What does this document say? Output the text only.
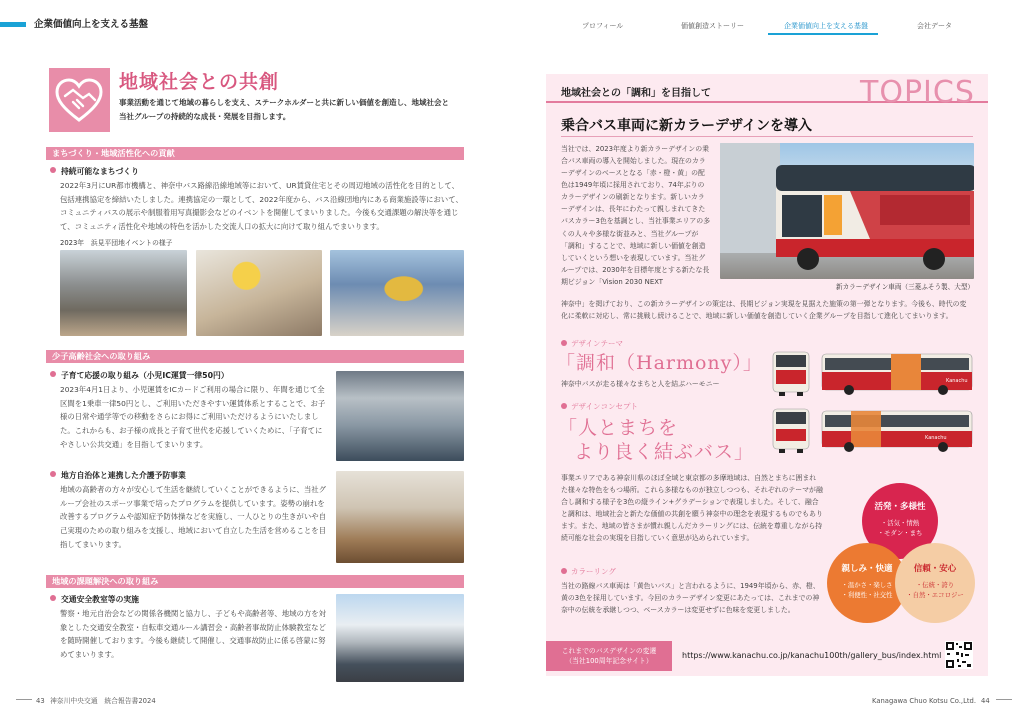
企業価値向上を支える基盤	プロフィール	価値創造ストーリー	企業価値向上を支える基盤	会社データ
地域社会との共創
事業活動を通じて地域の暮らしを支え、ステークホルダーと共に新しい価値を創造し、地域社会と当社グループの持続的な成長・発展を目指します。
まちづくり・地域活性化への貢献
持続可能なまちづくり
2022年3月にUR都市機構と、神奈中バス路線沿線地域等において、UR賃貸住宅とその周辺地域の活性化を目的として、包括連携協定を締結いたしました。連携協定の一環として、2022年度から、バス沿線団地内にある商業施設等において、コミュニティバスの展示や制服着用写真撮影会などのイベントを開催してまいりました。今後も交通課題の解決等を通じて、コミュニティ活性化や地域の特色を活かした交流人口の拡大に向けて取り組んでまいります。
2023年　浜見平団地イベントの様子
少子高齢社会への取り組み
子育て応援の取り組み（小児IC運賃一律50円）
2023年4月1日より、小児運賃をICカードご利用の場合に限り、年間を通じて全区間を1乗車一律50円とし、ご利用いただきやすい運賃体系とすることで、お子様の日常や通学等での移動をさらにお得にご利用いただけるようにいたしました。これからも、お子様の成長と子育て世代を応援していくために、「子育てにやさしい公共交通」を目指してまいります。
地方自治体と連携した介護予防事業
地域の高齢者の方々が安心して生活を継続していくことができるように、当社グループ会社のスポーツ事業で培ったプログラムを提供しています。姿勢の崩れを改善するプログラムや認知症予防体操などを実施し、一人ひとりの生きがいや自己実現のための取り組みを支援し、地域において自立した生活を営めることを目指してまいります。
地域の課題解決への取り組み
交通安全教室等の実施
警察・地元自治会などの関係各機関と協力し、子どもや高齢者等、地域の方を対象とした交通安全教室・自転車交通ルール講習会・高齢者事故防止体験教室などを随時開催しております。今後も継続して開催し、交通事故防止に係る啓蒙に努めてまいります。
TOPICS
地域社会との「調和」を目指して
乗合バス車両に新カラーデザインを導入
当社では、2023年度より新カラーデザインの乗合バス車両の導入を開始しました。現在のカラーデザインのベースとなる「赤・橙・黄」の配色は1949年頃に採用されており、74年ぶりのカラーデザインの刷新となります。新しいカラーデザインは、長年にわたって親しまれてきたバスカラー3色を基調とし、当社事業エリアの多くの人々や多様な街並みと、当社グループが「調和」することで、地域に新しい価値を創造していくという想いを表現しています。当社グループでは、2030年を目標年度とする新たな長期ビジョン「Vision 2030 NEXT
神奈中」を掲げており、この新カラーデザインの策定は、長期ビジョン実現を見据えた施策の第一弾となります。今後も、時代の変化に柔軟に対応し、常に挑戦し続けることで、地域に新しい価値を創造していく企業グループを目指して進化してまいります。
新カラーデザイン車両（三菱ふそう製、大型）
デザインテーマ
「調和（Harmony）」
神奈中バスが走る様々なまちと人を結ぶハーモニー
デザインコンセプト
「人とまちを
より良く結ぶバス」
Kanachu
Kanachu
事業エリアである神奈川県のほぼ全域と東京都の多摩地域は、自然とまちに囲まれた様々な特色をもつ場所。これら多様なものが独立しつつも、それぞれのテーマが融合し調和する様子を3色の縦ライン+グラデーションで表現しました。そして、融合と調和は、地域社会と新たな価値の共創を願う神奈中の理念を表現するものでもあります。また、地域の皆さまが慣れ親しんだカラーリングには、伝統を尊重しながら持続可能な社会の実現を目指していく意思が込められています。
活発・多様性
・活気・情熱
・モダン・まち
親しみ・快適
・温かさ・楽しさ
・利便性・社交性
信頼・安心
・伝統・誇り
・自然・エコロジー
カラーリング
当社の路線バス車両は「黄色いバス」と言われるように、1949年頃から、赤、橙、黄の3色を採用しています。今回のカラーデザイン変更にあたっては、これまでの神奈中の伝統を承継しつつ、ベースカラーは変更せずに色味を変更しました。
これまでのバスデザインの変遷
（当社100周年記念サイト）
https://www.kanachu.co.jp/kanachu100th/gallery_bus/index.html
43 神奈川中央交通　統合報告書2024	Kanagawa Chuo Kotsu Co.,Ltd. 44
